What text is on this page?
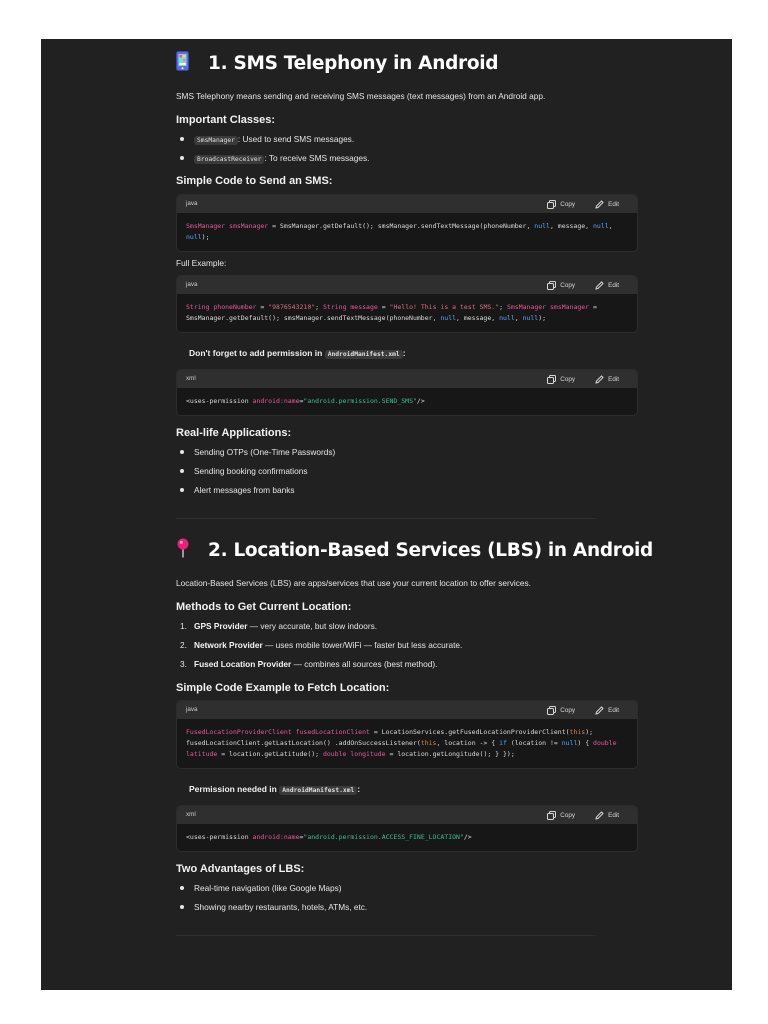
1. SMS Telephony in Android

SMS Telephony means sending and receiving SMS messages (text messages) from an Android app.

Important Classes:
SmsManager : Used to send SMS messages.
BroadcastReceiver : To receive SMS messages.
Simple Code to Send an SMS:
java	Copy	Edit
SmsManager smsManager = SmsManager.getDefault(); smsManager.sendTextMessage(phoneNumber, null, message, null, null);

Full Example:

java	Copy	Edit
String phoneNumber = "9876543210"; String message = "Hello! This is a test SMS."; SmsManager smsManager = SmsManager.getDefault(); smsManager.sendTextMessage(phoneNumber, null, message, null, null);

Don't forget to add permission in AndroidManifest.xml :

xml	Copy	Edit
<uses-permission android:name="android.permission.SEND_SMS"/>
Real-life Applications:
Sending OTPs (One-Time Passwords)
Sending booking confirmations
Alert messages from banks
2. Location-Based Services (LBS) in Android

Location-Based Services (LBS) are apps/services that use your current location to offer services.

Methods to Get Current Location:
1. GPS Provider — very accurate, but slow indoors.
2. Network Provider — uses mobile tower/WiFi — faster but less accurate.
3. Fused Location Provider — combines all sources (best method).
Simple Code Example to Fetch Location:
java	Copy	Edit
FusedLocationProviderClient fusedLocationClient = LocationServices.getFusedLocationProviderClient(this); fusedLocationClient.getLastLocation() .addOnSuccessListener(this, location -> { if (location != null) { double latitude = location.getLatitude(); double longitude = location.getLongitude(); } });

Permission needed in AndroidManifest.xml :

xml	Copy	Edit
<uses-permission android:name="android.permission.ACCESS_FINE_LOCATION"/>
Two Advantages of LBS:
Real-time navigation (like Google Maps)
Showing nearby restaurants, hotels, ATMs, etc.
